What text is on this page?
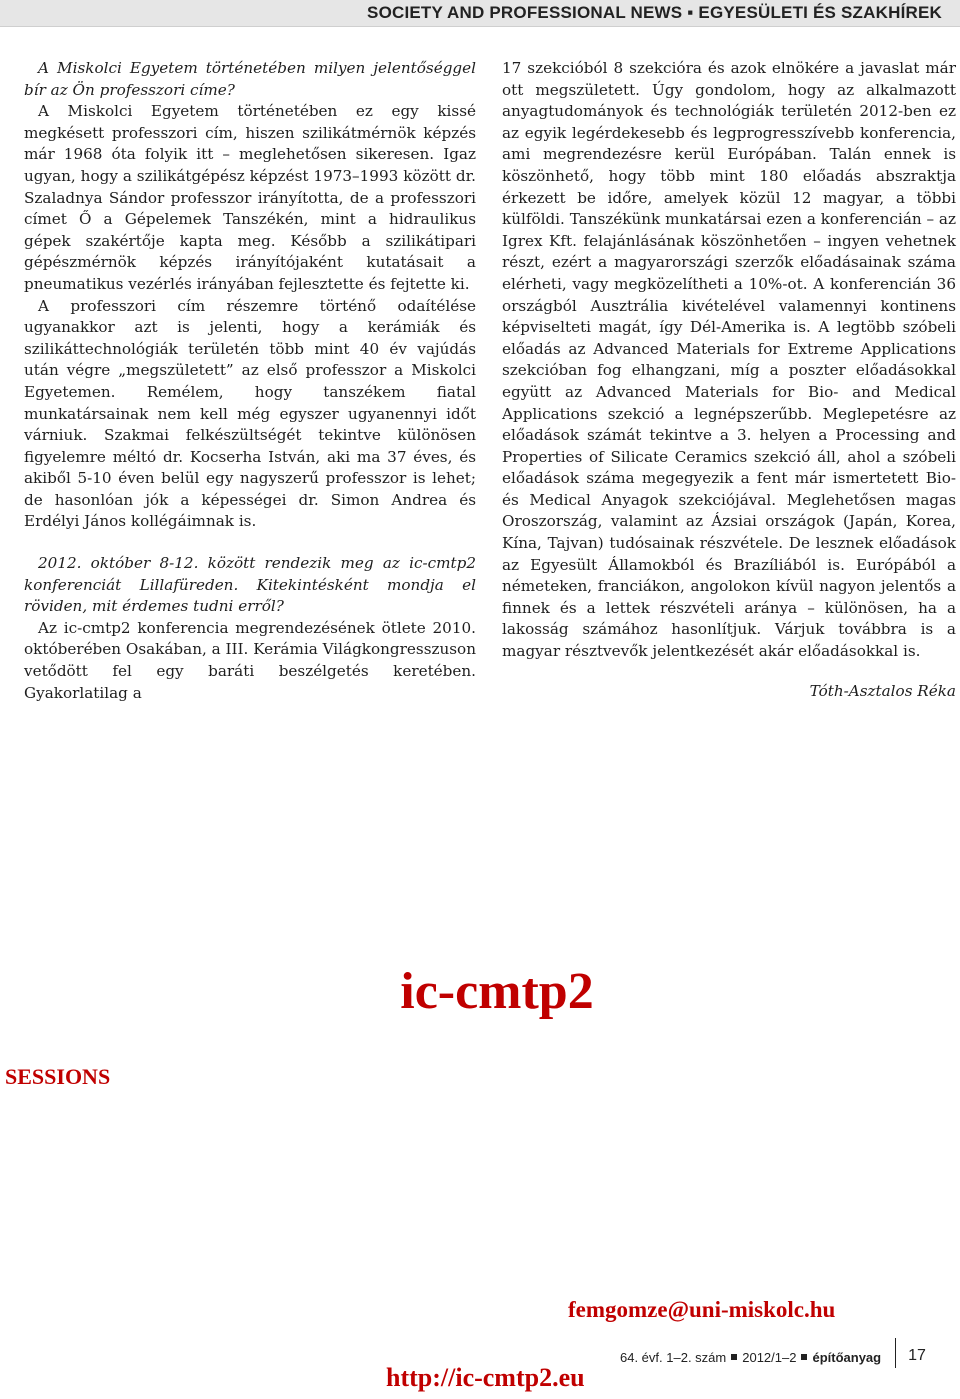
SOCIETY AND PROFESSIONAL NEWS ▪ EGYESÜLETI ÉS SZAKHÍREK

A Miskolci Egyetem történetében milyen jelentőséggel bír az Ön professzori címe?

A Miskolci Egyetem történetében ez egy kissé megkésett professzori cím, hiszen szilikátmérnök képzés már 1968 óta folyik itt – meglehetősen sikeresen. Igaz ugyan, hogy a szilikátgépész képzést 1973–1993 között dr. Szaladnya Sándor professzor irányította, de a professzori címet Ő a Gépelemek Tanszékén, mint a hidraulikus gépek szakértője kapta meg. Később a szilikátipari gépészmérnök képzés irányítójaként kutatásait a pneumatikus vezérlés irányában fejlesztette és fejtette ki.

A professzori cím részemre történő odaítélése ugyanakkor azt is jelenti, hogy a kerámiák és szilikáttechnológiák területén több mint 40 év vajúdás után végre „megszületett” az első professzor a Miskolci Egyetemen. Remélem, hogy tanszékem fiatal munkatársainak nem kell még egyszer ugyanennyi időt várniuk. Szakmai felkészültségét tekintve különösen figyelemre méltó dr. Kocserha István, aki ma 37 éves, és akiből 5-10 éven belül egy nagyszerű professzor is lehet; de hasonlóan jók a képességei dr. Simon Andrea és Erdélyi János kollégáimnak is.

2012. október 8-12. között rendezik meg az ic-cmtp2 konferenciát Lillafüreden. Kitekintésként mondja el röviden, mit érdemes tudni erről?

Az ic-cmtp2 konferencia megrendezésének ötlete 2010. októberében Osakában, a III. Kerámia Világkongresszuson vetődött fel egy baráti beszélgetés keretében. Gyakorlatilag a

17 szekcióból 8 szekcióra és azok elnökére a javaslat már ott megszületett. Úgy gondolom, hogy az alkalmazott anyagtudományok és technológiák területén 2012-ben ez az egyik legérdekesebb és legprogresszívebb konferencia, ami megrendezésre kerül Európában. Talán ennek is köszönhető, hogy több mint 180 előadás abszraktja érkezett be időre, amelyek közül 12 magyar, a többi külföldi. Tanszékünk munkatársai ezen a konferencián – az Igrex Kft. felajánlásának köszönhetően – ingyen vehetnek részt, ezért a magyarországi szerzők előadásainak száma elérheti, vagy megközelítheti a 10%-ot. A konferencián 36 országból Ausztrália kivételével valamennyi kontinens képviselteti magát, így Dél-Amerika is. A legtöbb szóbeli előadás az Advanced Materials for Extreme Applications szekcióban fog elhangzani, míg a poszter előadásokkal együtt az Advanced Materials for Bio- and Medical Applications szekció a legnépszerűbb. Meglepetésre az előadások számát tekintve a 3. helyen a Processing and Properties of Silicate Ceramics szekció áll, ahol a szóbeli előadások száma megegyezik a fent már ismertetett Bio- és Medical Anyagok szekciójával. Meglehetősen magas Oroszország, valamint az Ázsiai országok (Japán, Korea, Kína, Tajvan) tudósainak részvétele. De lesznek előadások az Egyesült Államokból és Brazíliából is. Európából a németeken, franciákon, angolokon kívül nagyon jelentős a finnek és a lettek részvételi aránya – különösen, ha a lakosság számához hasonlítjuk. Várjuk továbbra is a magyar résztvevők jelentkezését akár előadásokkal is.

Tóth-Asztalos Réka

ic-cmtp2
SESSIONS
femgomze@uni-miskolc.hu
http://ic-cmtp2.eu
64. évf. 1–2. szám 2012/1–2 építőanyag 17
